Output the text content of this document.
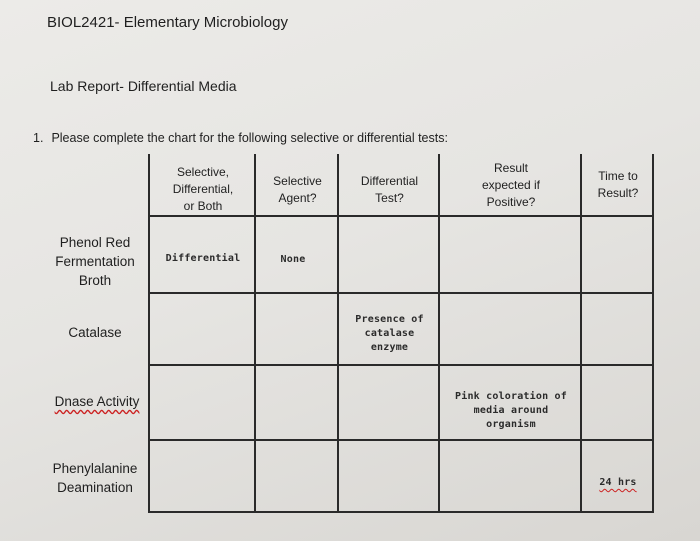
BIOL2421- Elementary Microbiology
Lab Report- Differential Media
1. Please complete the chart for the following selective or differential tests:
Selective,
Differential,
or Both
Selective
Agent?
Differential
Test?
Result
expected if
Positive?
Time to
Result?
Phenol Red
Fermentation
Broth
Catalase
Dnase Activity
Phenylalanine
Deamination
Differential	None
Presence of
catalase
enzyme
Pink coloration of
media around
organism
24 hrs
